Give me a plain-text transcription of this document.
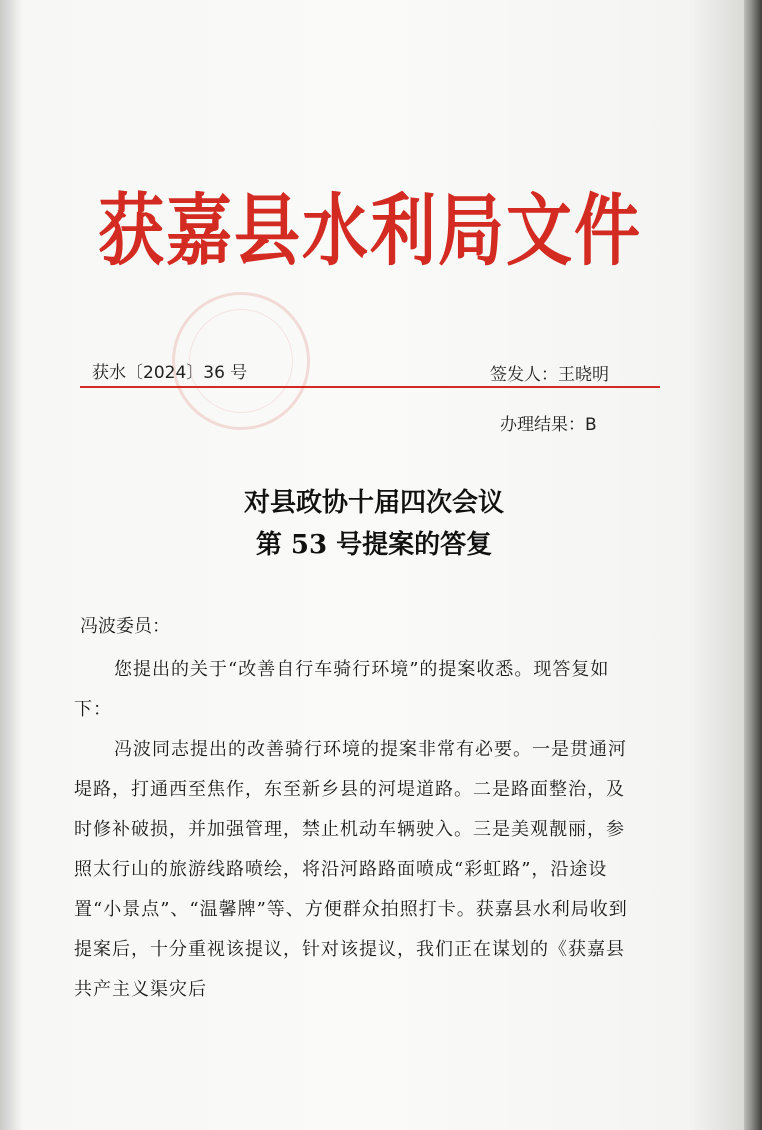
获嘉县水利局文件
获水〔2024〕36 号	签发人：王晓明
办理结果：B
对县政协十届四次会议
第 53 号提案的答复
冯波委员：
您提出的关于“改善自行车骑行环境”的提案收悉。现答复如下：
冯波同志提出的改善骑行环境的提案非常有必要。一是贯通河堤路，打通西至焦作，东至新乡县的河堤道路。二是路面整治，及时修补破损，并加强管理，禁止机动车辆驶入。三是美观靓丽，参照太行山的旅游线路喷绘，将沿河路路面喷成“彩虹路”，沿途设置“小景点”、“温馨牌”等、方便群众拍照打卡。获嘉县水利局收到提案后，十分重视该提议，针对该提议，我们正在谋划的《获嘉县共产主义渠灾后
